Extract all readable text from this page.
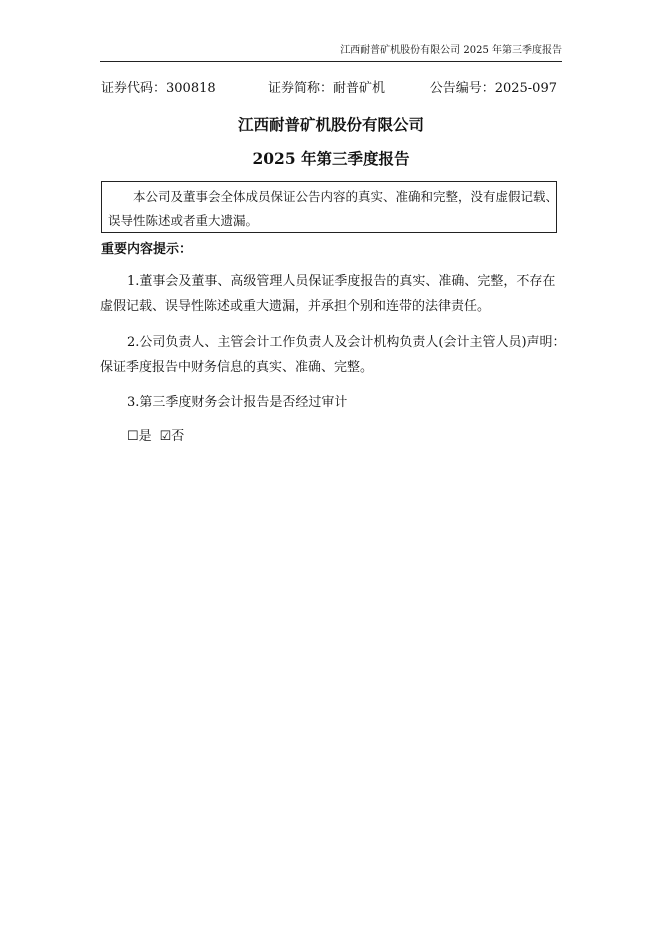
江西耐普矿机股份有限公司 2025 年第三季度报告
证券代码：300818	证券简称：耐普矿机	公告编号：2025-097
江西耐普矿机股份有限公司
2025 年第三季度报告
本公司及董事会全体成员保证公告内容的真实、准确和完整，没有虚假记载、
误导性陈述或者重大遗漏。
重要内容提示：
1.董事会及董事、高级管理人员保证季度报告的真实、准确、完整，不存在
虚假记载、误导性陈述或重大遗漏，并承担个别和连带的法律责任。
2.公司负责人、主管会计工作负责人及会计机构负责人(会计主管人员)声明：
保证季度报告中财务信息的真实、准确、完整。
3.第三季度财务会计报告是否经过审计
☐是 ☑否
